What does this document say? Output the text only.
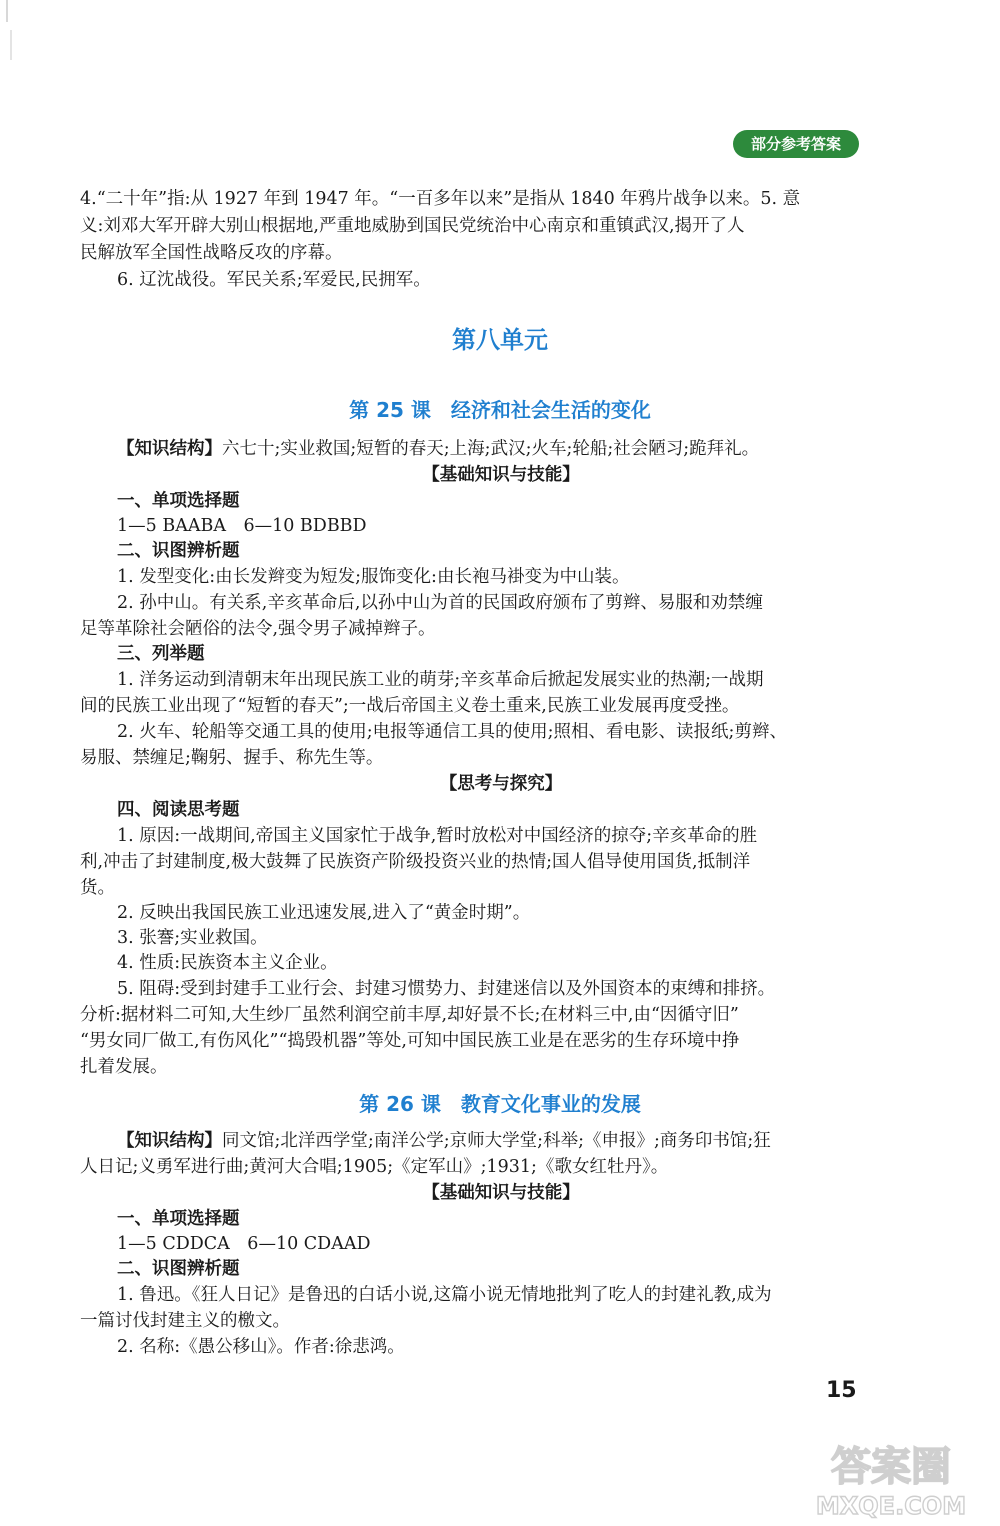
部分参考答案
4.“二十年”指:从 1927 年到 1947 年。“一百多年以来”是指从 1840 年鸦片战争以来。5. 意
义:刘邓大军开辟大别山根据地,严重地威胁到国民党统治中心南京和重镇武汉,揭开了人
民解放军全国性战略反攻的序幕。
6. 辽沈战役。军民关系;军爱民,民拥军。
第八单元
第 25 课　经济和社会生活的变化
【知识结构】六七十;实业救国;短暂的春天;上海;武汉;火车;轮船;社会陋习;跪拜礼。
【基础知识与技能】
一、单项选择题
1—5 BAABA　6—10 BDBBD
二、识图辨析题
1. 发型变化:由长发辫变为短发;服饰变化:由长袍马褂变为中山装。
2. 孙中山。有关系,辛亥革命后,以孙中山为首的民国政府颁布了剪辫、易服和劝禁缠
足等革除社会陋俗的法令,强令男子减掉辫子。
三、列举题
1. 洋务运动到清朝末年出现民族工业的萌芽;辛亥革命后掀起发展实业的热潮;一战期
间的民族工业出现了“短暂的春天”;一战后帝国主义卷土重来,民族工业发展再度受挫。
2. 火车、轮船等交通工具的使用;电报等通信工具的使用;照相、看电影、读报纸;剪辫、
易服、禁缠足;鞠躬、握手、称先生等。
【思考与探究】
四、阅读思考题
1. 原因:一战期间,帝国主义国家忙于战争,暂时放松对中国经济的掠夺;辛亥革命的胜
利,冲击了封建制度,极大鼓舞了民族资产阶级投资兴业的热情;国人倡导使用国货,抵制洋
货。
2. 反映出我国民族工业迅速发展,进入了“黄金时期”。
3. 张謇;实业救国。
4. 性质:民族资本主义企业。
5. 阻碍:受到封建手工业行会、封建习惯势力、封建迷信以及外国资本的束缚和排挤。
分析:据材料二可知,大生纱厂虽然利润空前丰厚,却好景不长;在材料三中,由“因循守旧”
“男女同厂做工,有伤风化”“捣毁机器”等处,可知中国民族工业是在恶劣的生存环境中挣
扎着发展。
第 26 课　教育文化事业的发展
【知识结构】同文馆;北洋西学堂;南洋公学;京师大学堂;科举;《申报》;商务印书馆;狂
人日记;义勇军进行曲;黄河大合唱;1905;《定军山》;1931;《歌女红牡丹》。
【基础知识与技能】
一、单项选择题
1—5 CDDCA　6—10 CDAAD
二、识图辨析题
1. 鲁迅。《狂人日记》是鲁迅的白话小说,这篇小说无情地批判了吃人的封建礼教,成为
一篇讨伐封建主义的檄文。
2. 名称:《愚公移山》。作者:徐悲鸿。
15
答案圈
MXQE.COM
